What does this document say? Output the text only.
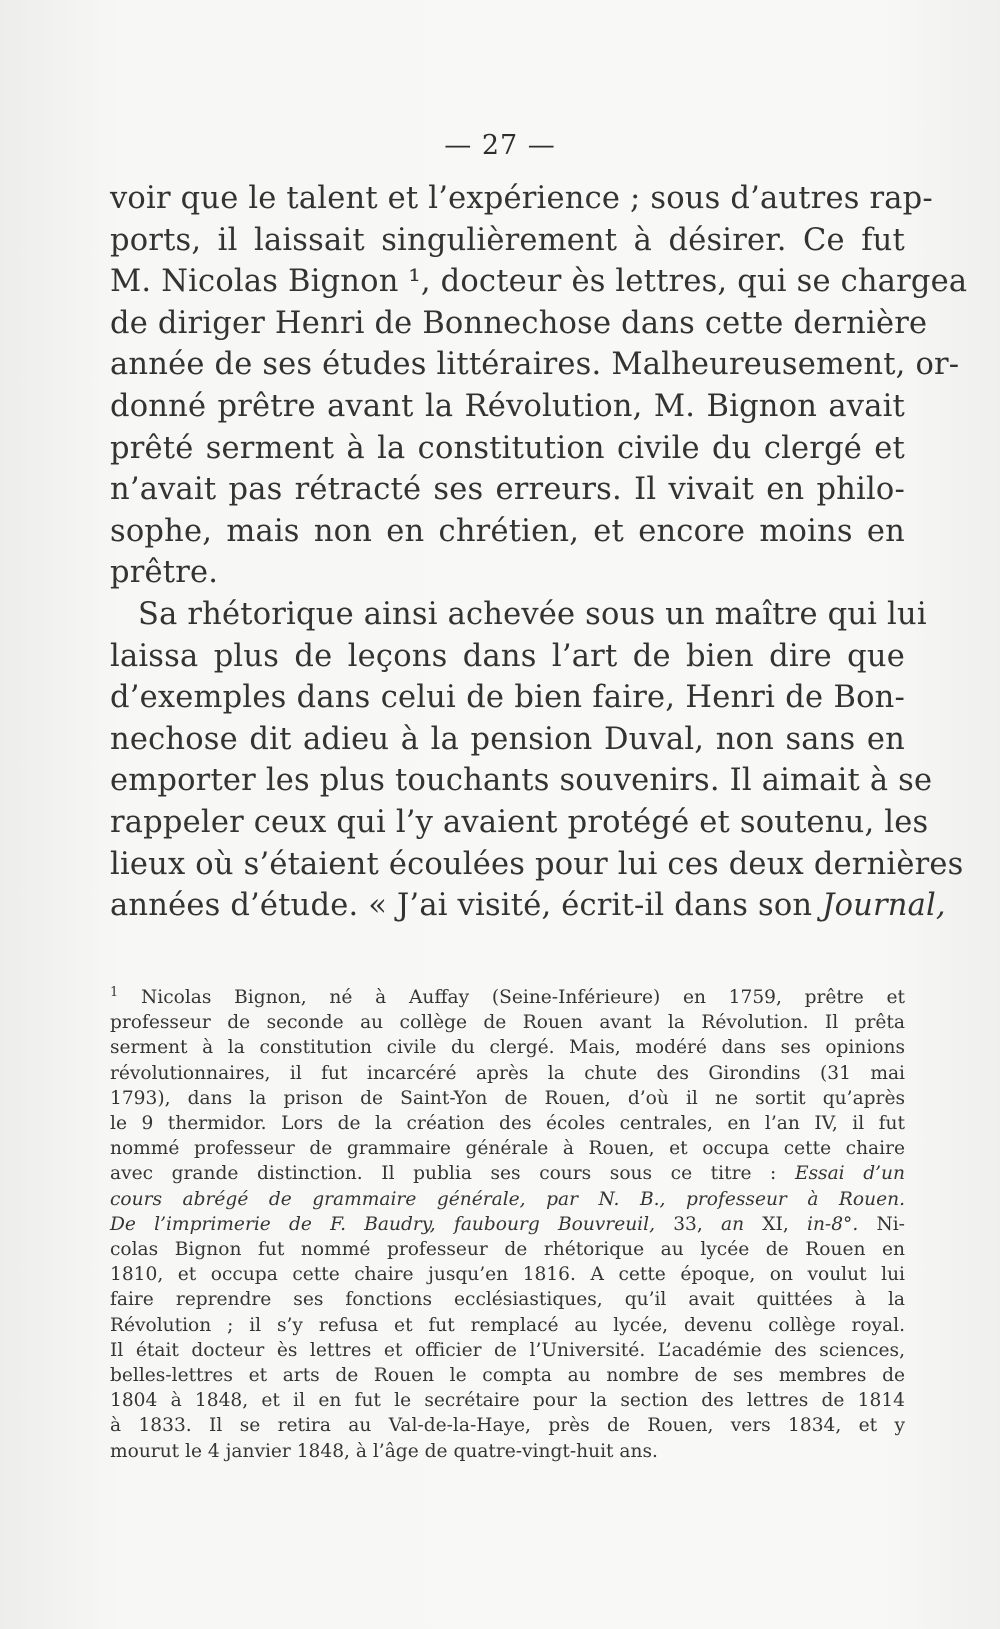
— 27 —

voir que le talent et l’expérience ; sous d’autres rap-
ports, il laissait singulièrement à désirer. Ce fut
M. Nicolas Bignon ¹, docteur ès lettres, qui se chargea
de diriger Henri de Bonnechose dans cette dernière
année de ses études littéraires. Malheureusement, or-
donné prêtre avant la Révolution, M. Bignon avait
prêté serment à la constitution civile du clergé et
n’avait pas rétracté ses erreurs. Il vivait en philo-
sophe, mais non en chrétien, et encore moins en
prêtre.

Sa rhétorique ainsi achevée sous un maître qui lui
laissa plus de leçons dans l’art de bien dire que
d’exemples dans celui de bien faire, Henri de Bon-
nechose dit adieu à la pension Duval, non sans en
emporter les plus touchants souvenirs. Il aimait à se
rappeler ceux qui l’y avaient protégé et soutenu, les
lieux où s’étaient écoulées pour lui ces deux dernières
années d’étude. « J’ai visité, écrit-il dans son Journal,

$^1$ Nicolas Bignon, né à Auffay (Seine-Inférieure) en 1759, prêtre et
professeur de seconde au collège de Rouen avant la Révolution. Il prêta
serment à la constitution civile du clergé. Mais, modéré dans ses opinions
révolutionnaires, il fut incarcéré après la chute des Girondins (31 mai
1793), dans la prison de Saint-Yon de Rouen, d’où il ne sortit qu’après
le 9 thermidor. Lors de la création des écoles centrales, en l’an IV, il fut
nommé professeur de grammaire générale à Rouen, et occupa cette chaire
avec grande distinction. Il publia ses cours sous ce titre : Essai d’un
cours abrégé de grammaire générale, par N. B., professeur à Rouen.
De l’imprimerie de F. Baudry, faubourg Bouvreuil, 33, an XI, in-8°. Ni-
colas Bignon fut nommé professeur de rhétorique au lycée de Rouen en
1810, et occupa cette chaire jusqu’en 1816. A cette époque, on voulut lui
faire reprendre ses fonctions ecclésiastiques, qu’il avait quittées à la
Révolution ; il s’y refusa et fut remplacé au lycée, devenu collège royal.
Il était docteur ès lettres et officier de l’Université. L’académie des sciences,
belles-lettres et arts de Rouen le compta au nombre de ses membres de
1804 à 1848, et il en fut le secrétaire pour la section des lettres de 1814
à 1833. Il se retira au Val-de-la-Haye, près de Rouen, vers 1834, et y
mourut le 4 janvier 1848, à l’âge de quatre-vingt-huit ans.
